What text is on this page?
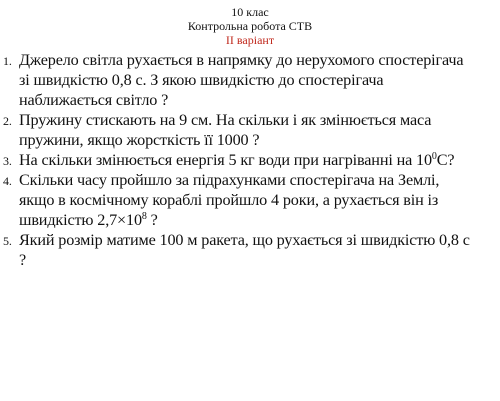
10 клас
Контрольна робота СТВ
ІІ варіант
1. Джерело світла рухається в напрямку до нерухомого спостерігача
зі швидкістю 0,8 с. З якою швидкістю до спостерігача
наближається світло ?
2. Пружину стискають на 9 см. На скільки і як змінюється маса
пружини, якщо жорсткість її 1000 ?
3. На скільки змінюється енергія 5 кг води при нагріванні на $10^0С$?
4. Скільки часу пройшло за підрахунками спостерігача на Землі,
якщо в космічному кораблі пройшло 4 роки, а рухається він із
швидкістю $2,7\times 10^8$ ?
5. Який розмір матиме 100 м ракета, що рухається зі швидкістю 0,8 с
?
